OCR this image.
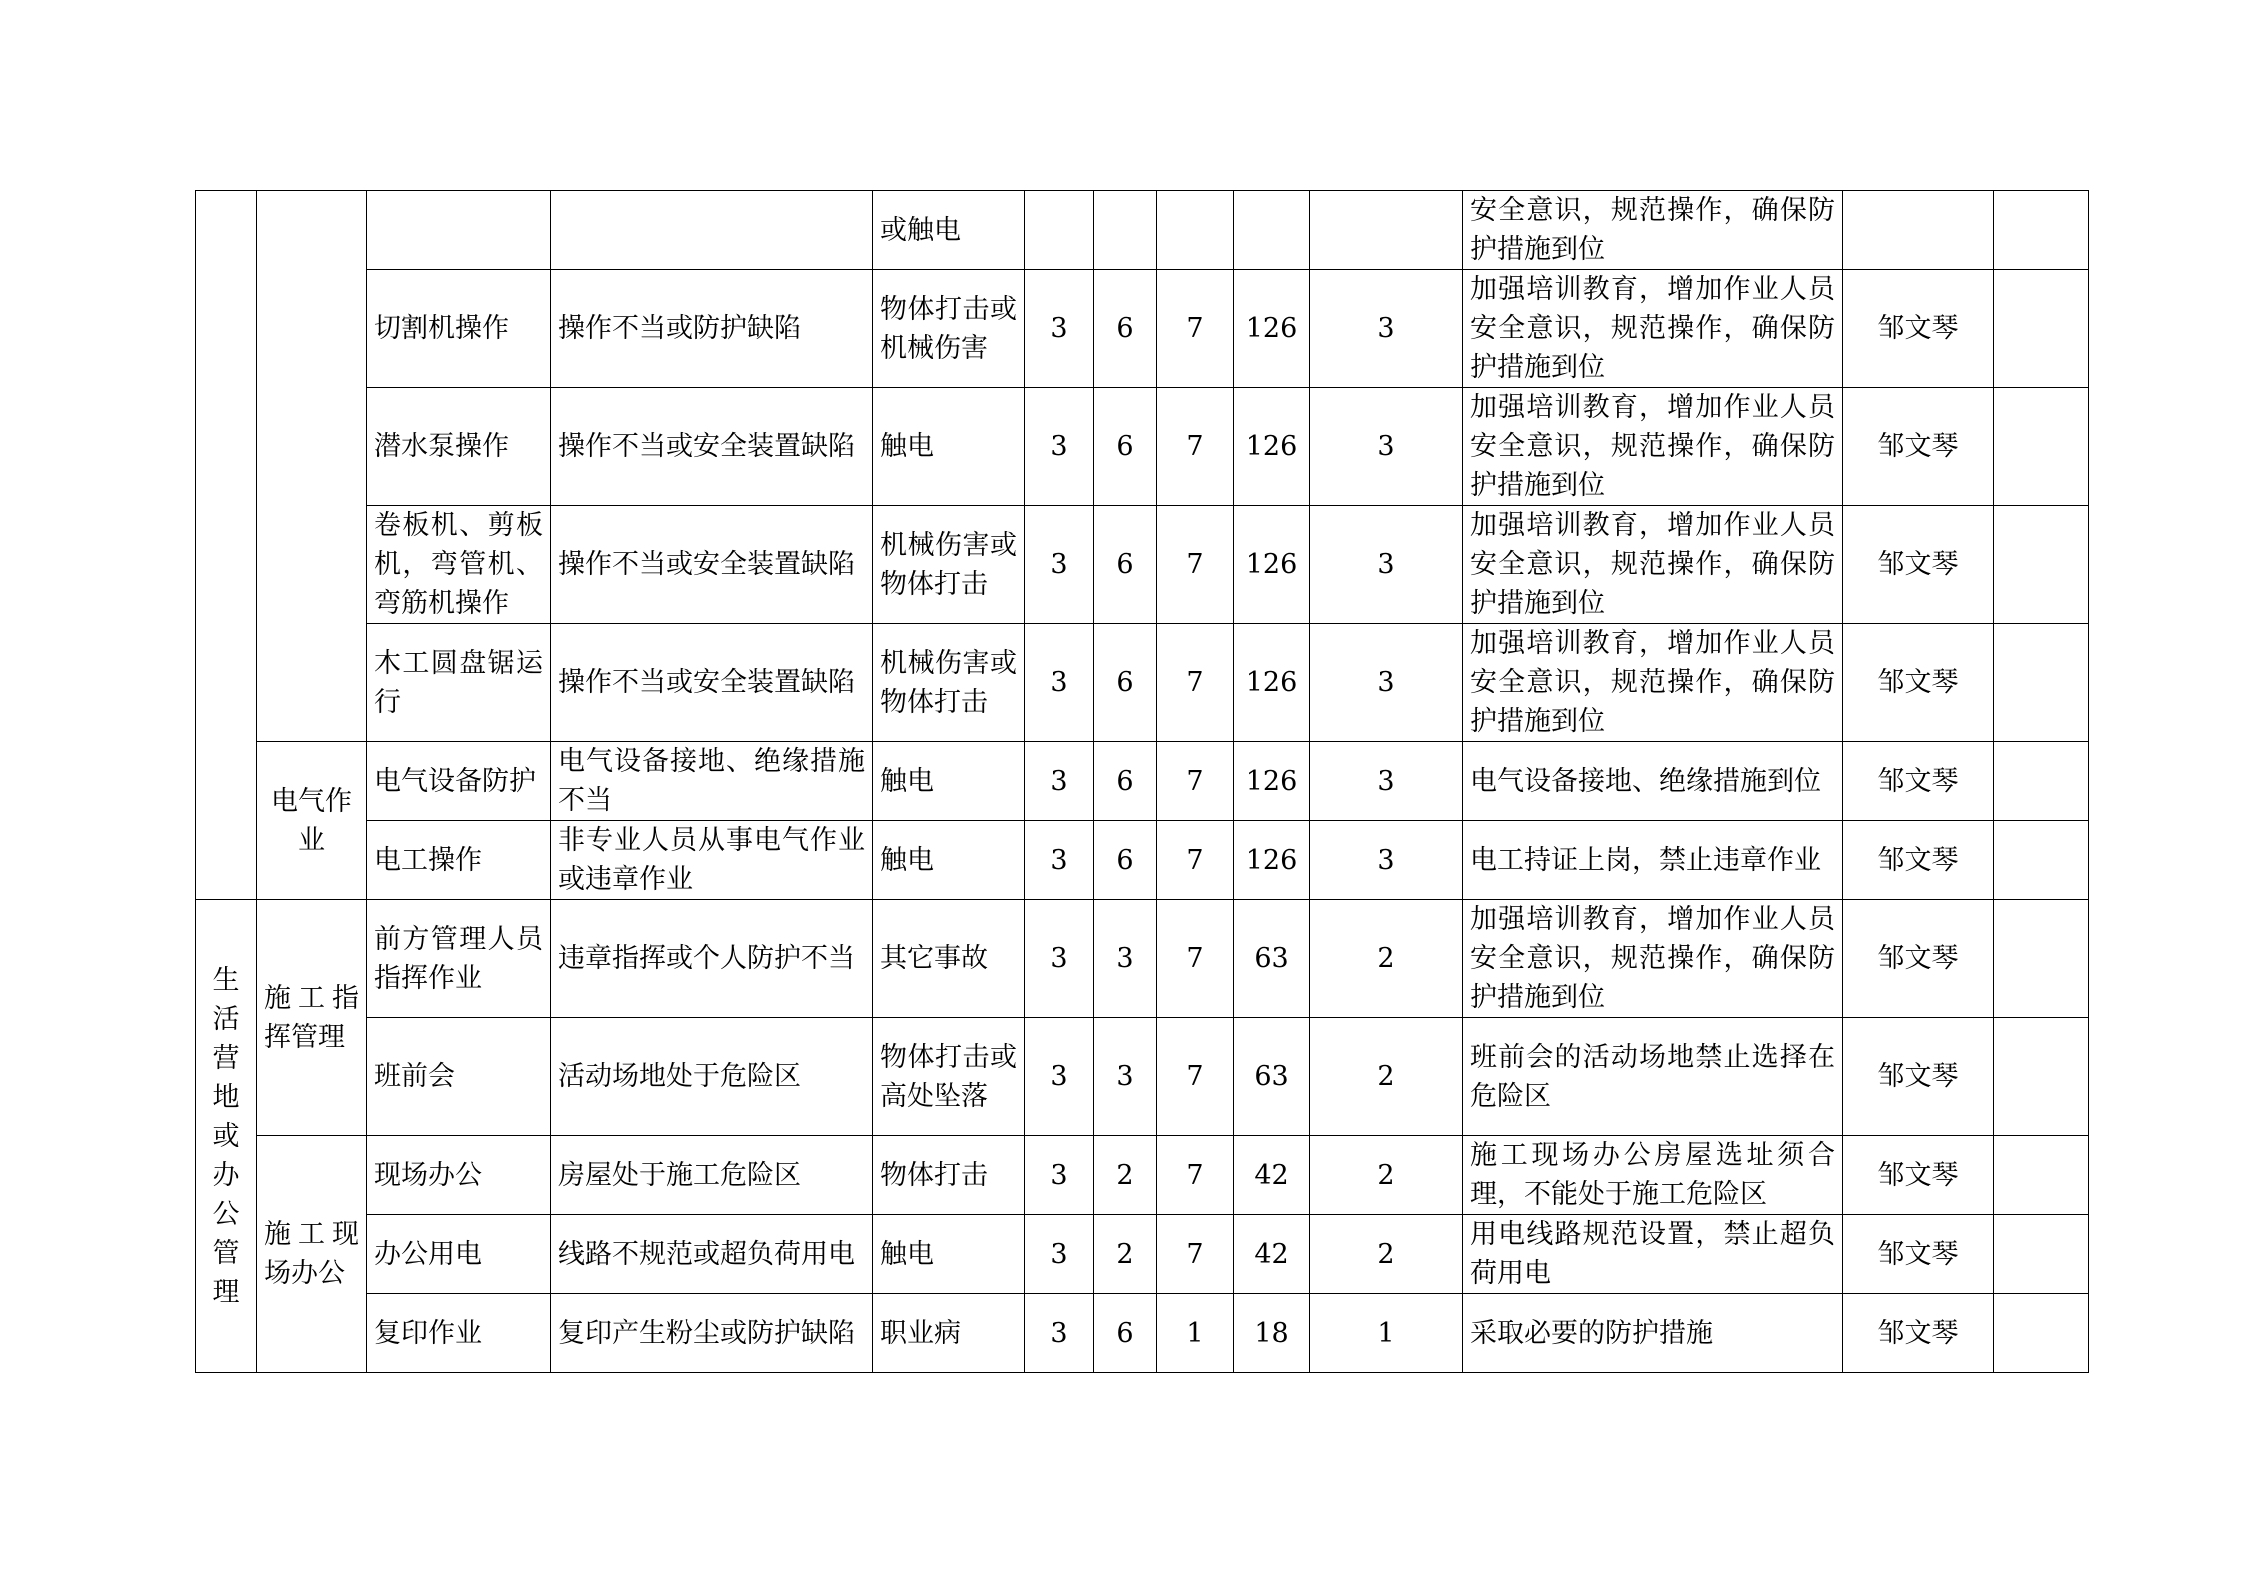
				或触电						安全意识，规范操作，确保防护措施到位		
		切割机操作	操作不当或防护缺陷	物体打击或机械伤害	3	6	7	126	3	加强培训教育，增加作业人员安全意识，规范操作，确保防护措施到位	邹文琴	
		潜水泵操作	操作不当或安全装置缺陷	触电	3	6	7	126	3	加强培训教育，增加作业人员安全意识，规范操作，确保防护措施到位	邹文琴	
		卷板机、剪板机，弯管机、弯筋机操作	操作不当或安全装置缺陷	机械伤害或物体打击	3	6	7	126	3	加强培训教育，增加作业人员安全意识，规范操作，确保防护措施到位	邹文琴	
		木工圆盘锯运行	操作不当或安全装置缺陷	机械伤害或物体打击	3	6	7	126	3	加强培训教育，增加作业人员安全意识，规范操作，确保防护措施到位	邹文琴	
	电气作业	电气设备防护	电气设备接地、绝缘措施不当	触电	3	6	7	126	3	电气设备接地、绝缘措施到位	邹文琴	
		电工操作	非专业人员从事电气作业或违章作业	触电	3	6	7	126	3	电工持证上岗，禁止违章作业	邹文琴	
生活营地或办公管理	施工指挥管理	前方管理人员指挥作业	违章指挥或个人防护不当	其它事故	3	3	7	63	2	加强培训教育，增加作业人员安全意识，规范操作，确保防护措施到位	邹文琴	
		班前会	活动场地处于危险区	物体打击或高处坠落	3	3	7	63	2	班前会的活动场地禁止选择在危险区	邹文琴	
	施工现场办公	现场办公	房屋处于施工危险区	物体打击	3	2	7	42	2	施工现场办公房屋选址须合理，不能处于施工危险区	邹文琴	
		办公用电	线路不规范或超负荷用电	触电	3	2	7	42	2	用电线路规范设置，禁止超负荷用电	邹文琴	
		复印作业	复印产生粉尘或防护缺陷	职业病	3	6	1	18	1	采取必要的防护措施	邹文琴	
